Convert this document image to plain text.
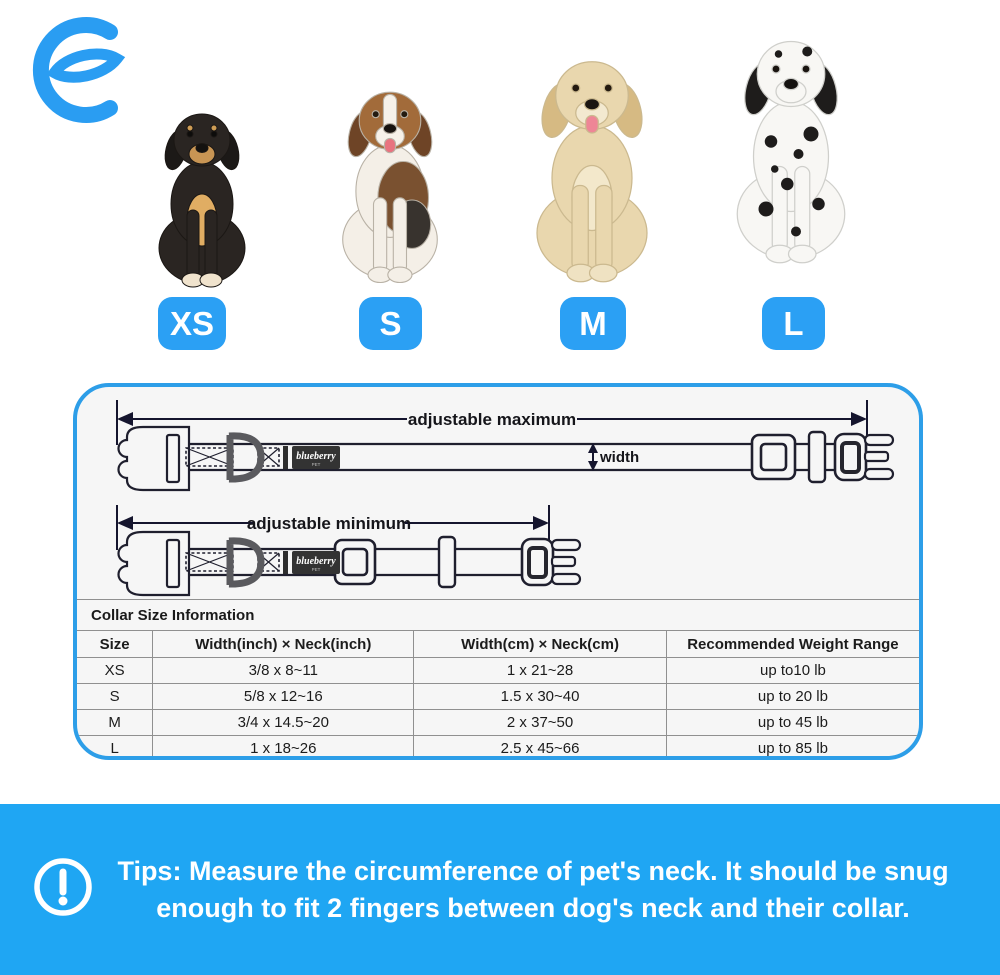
XS	S	M	L
adjustable maximum
blueberry
PET	width
adjustable minimum
blueberry
PET
Collar Size Information
Size	Width(inch) × Neck(inch)	Width(cm) × Neck(cm)	Recommended Weight Range
XS	3/8 x 8~11	1 x 21~28	up to10 lb
S	5/8 x 12~16	1.5 x 30~40	up to 20 lb
M	3/4 x 14.5~20	2 x 37~50	up to 45 lb
L	1 x 18~26	2.5 x 45~66	up to 85 lb
Tips: Measure the circumference of pet's neck. It should be snug
enough to fit 2 fingers between dog's neck and their collar.
